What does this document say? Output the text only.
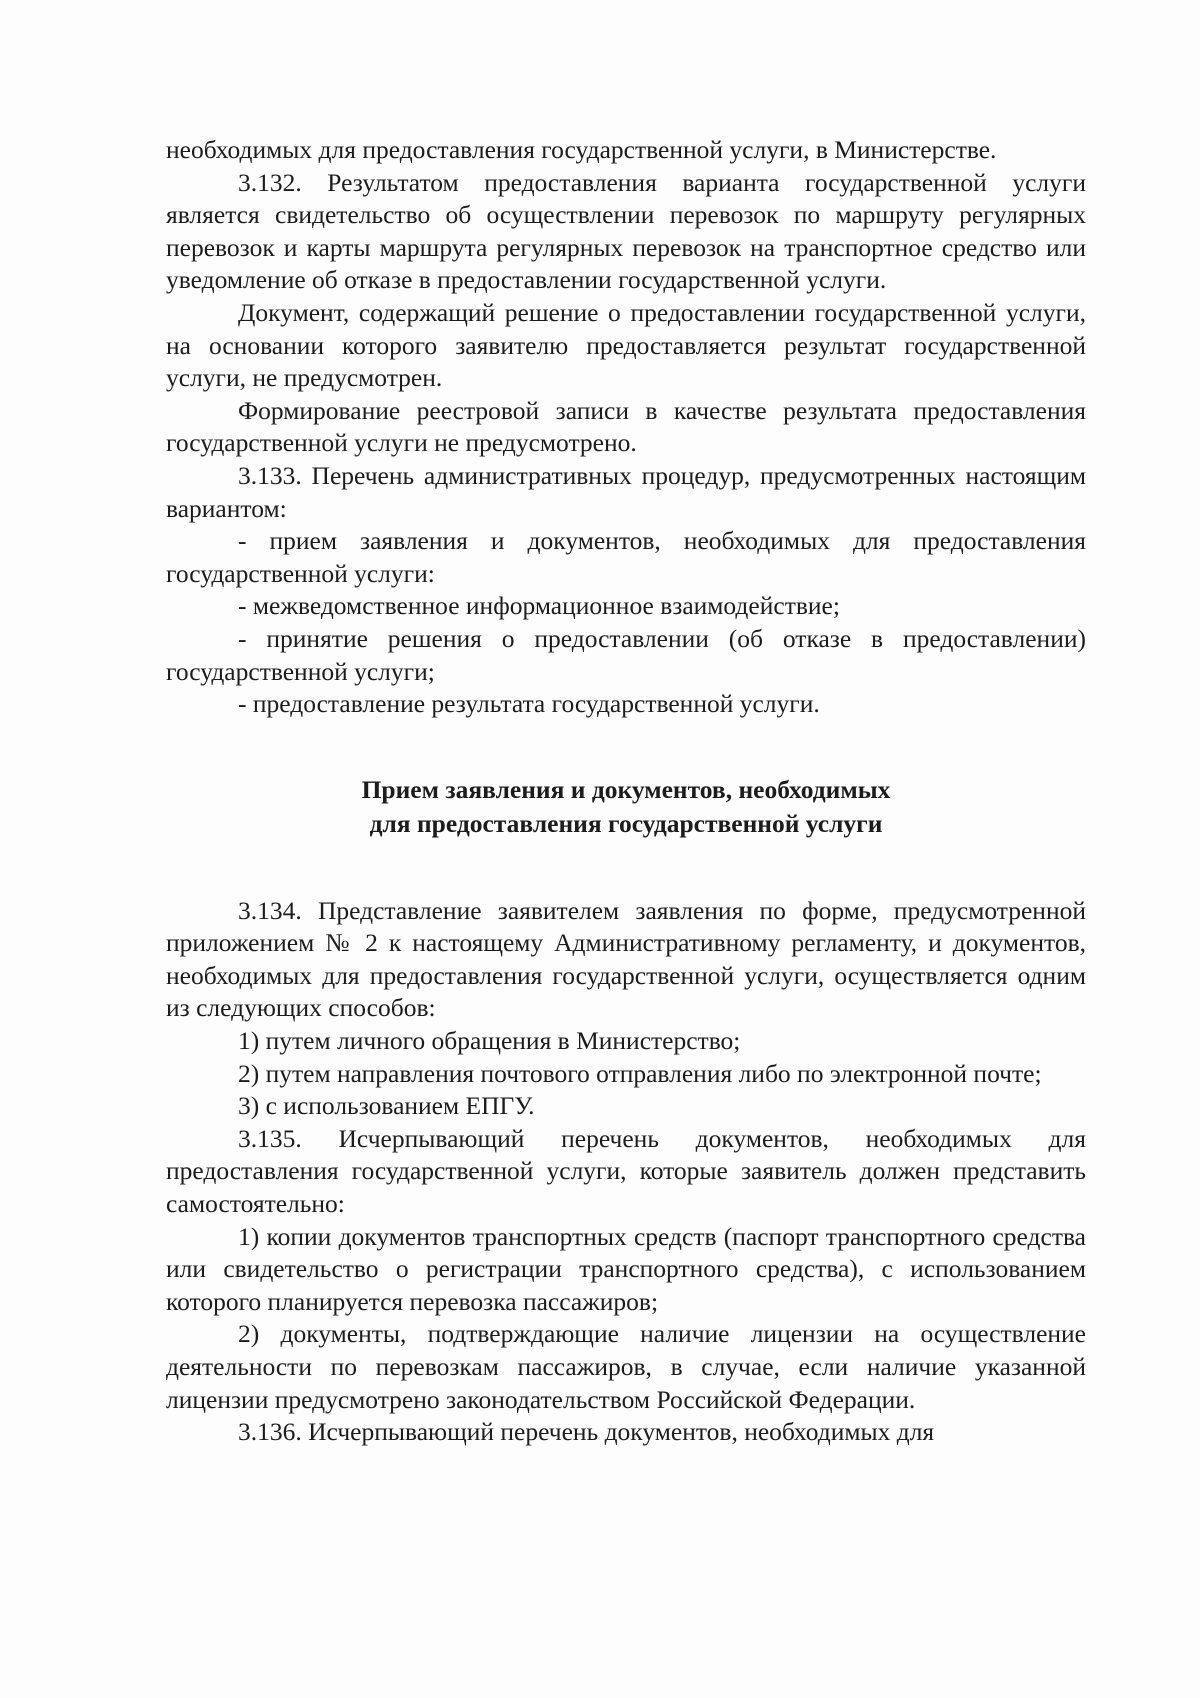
необходимых для предоставления государственной услуги, в Министерстве.

3.132. Результатом предоставления варианта государственной услуги является свидетельство об осуществлении перевозок по маршруту регулярных перевозок и карты маршрута регулярных перевозок на транспортное средство или уведомление об отказе в предоставлении государственной услуги.

Документ, содержащий решение о предоставлении государственной услуги, на основании которого заявителю предоставляется результат государственной услуги, не предусмотрен.

Формирование реестровой записи в качестве результата предоставления государственной услуги не предусмотрено.

3.133. Перечень административных процедур, предусмотренных настоящим вариантом:

- прием заявления и документов, необходимых для предоставления государственной услуги:

- межведомственное информационное взаимодействие;

- принятие решения о предоставлении (об отказе в предоставлении) государственной услуги;

- предоставление результата государственной услуги.

Прием заявления и документов, необходимых
для предоставления государственной услуги

3.134. Представление заявителем заявления по форме, предусмотренной приложением № 2 к настоящему Административному регламенту, и документов, необходимых для предоставления государственной услуги, осуществляется одним из следующих способов:

1) путем личного обращения в Министерство;

2) путем направления почтового отправления либо по электронной почте;

3) с использованием ЕПГУ.

3.135. Исчерпывающий перечень документов, необходимых для предоставления государственной услуги, которые заявитель должен представить самостоятельно:

1) копии документов транспортных средств (паспорт транспортного средства или свидетельство о регистрации транспортного средства), с использованием которого планируется перевозка пассажиров;

2) документы, подтверждающие наличие лицензии на осуществление деятельности по перевозкам пассажиров, в случае, если наличие указанной лицензии предусмотрено законодательством Российской Федерации.

3.136. Исчерпывающий перечень документов, необходимых для
